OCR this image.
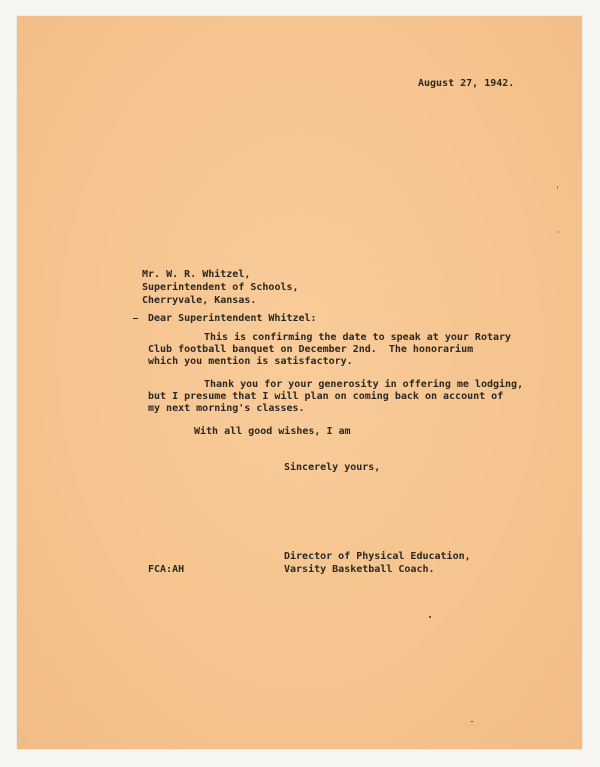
August 27, 1942.
Mr. W. R. Whitzel,
Superintendent of Schools,
Cherryvale, Kansas.
Dear Superintendent Whitzel:
This is confirming the date to speak at your Rotary
Club football banquet on December 2nd.  The honorarium
which you mention is satisfactory.
Thank you for your generosity in offering me lodging,
but I presume that I will plan on coming back on account of
my next morning's classes.
With all good wishes, I am
Sincerely yours,
Director of Physical Education,
Varsity Basketball Coach.
FCA:AH
